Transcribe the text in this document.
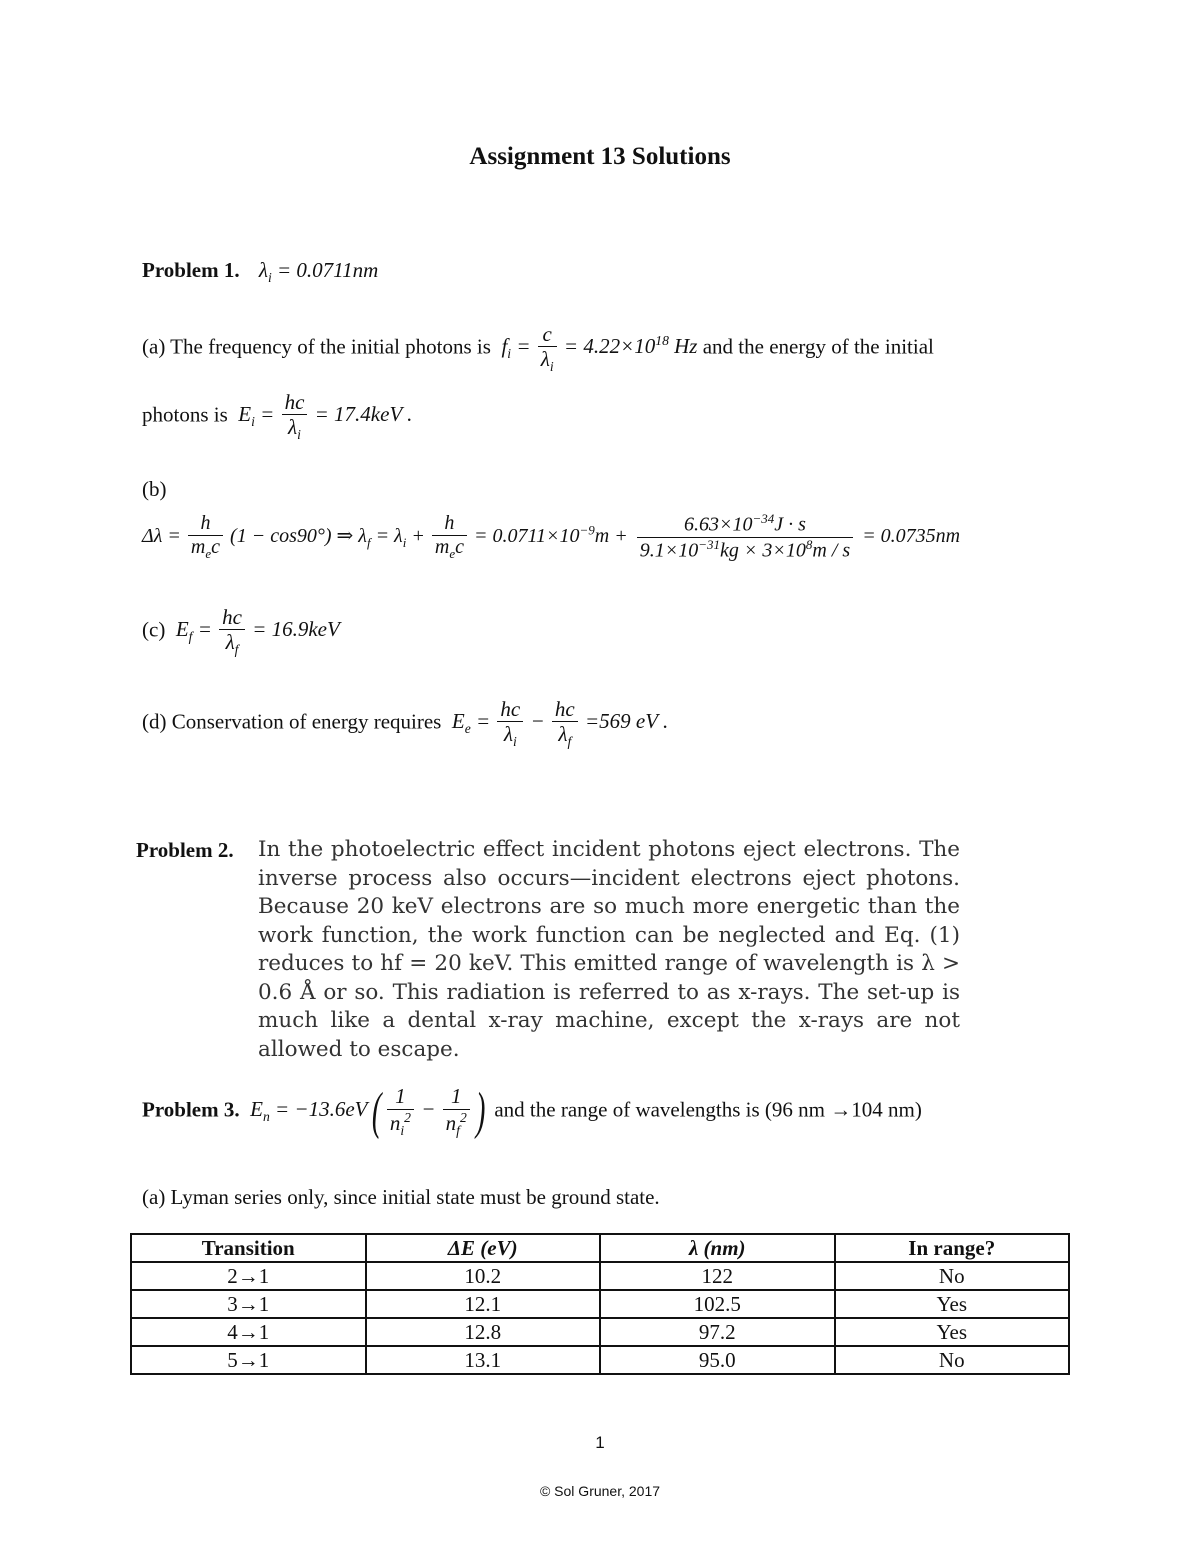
Assignment 13 Solutions
Problem 1. $\lambda_i = 0.0711nm$
(a) The frequency of the initial photons is  $f_i = \frac{c}{\lambda_i} = 4.22\times 10^{18}$ Hz and the energy of the initial
photons is  $E_i = \frac{hc}{\lambda_i} = 17.4keV$ .
(b)
$\Delta\lambda = \frac{h}{m_ec} (1 - \cos 90^\circ)$ ⇒ $\lambda_f = \lambda_i + \frac{h}{m_ec} = 0.0711\times 10^{-9}m + \frac{6.63\times 10^{-34}J \cdot s}{9.1\times 10^{-31}kg \times 3\times 10^8m / s} = 0.0735nm$
(c)  $E_f = \frac{hc}{\lambda_f} = 16.9keV$
(d) Conservation of energy requires  $E_e = \frac{hc}{\lambda_i} - \frac{hc}{\lambda_f} =569$ eV .
Problem 2. In the photoelectric effect incident photons eject electrons. The inverse process also occurs—incident electrons eject photons. Because 20 keV electrons are so much more energetic than the work function, the work function can be neglected and Eq. (1) reduces to hf = 20 keV. This emitted range of wavelength is λ > 0.6 Å or so. This radiation is referred to as x-rays. The set-up is much like a dental x-ray machine, except the x-rays are not allowed to escape.
Problem 3.  $E_n = -13.6eV( \frac{1}{n_i^2} - \frac{1}{n_f^2}$ ) and the range of wavelengths is (96 nm →104 nm)
(a) Lyman series only, since initial state must be ground state.
Transition	ΔE (eV)	λ (nm)	In range?
2→1	10.2	122	No
3→1	12.1	102.5	Yes
4→1	12.8	97.2	Yes
5→1	13.1	95.0	No
1
© Sol Gruner, 2017
